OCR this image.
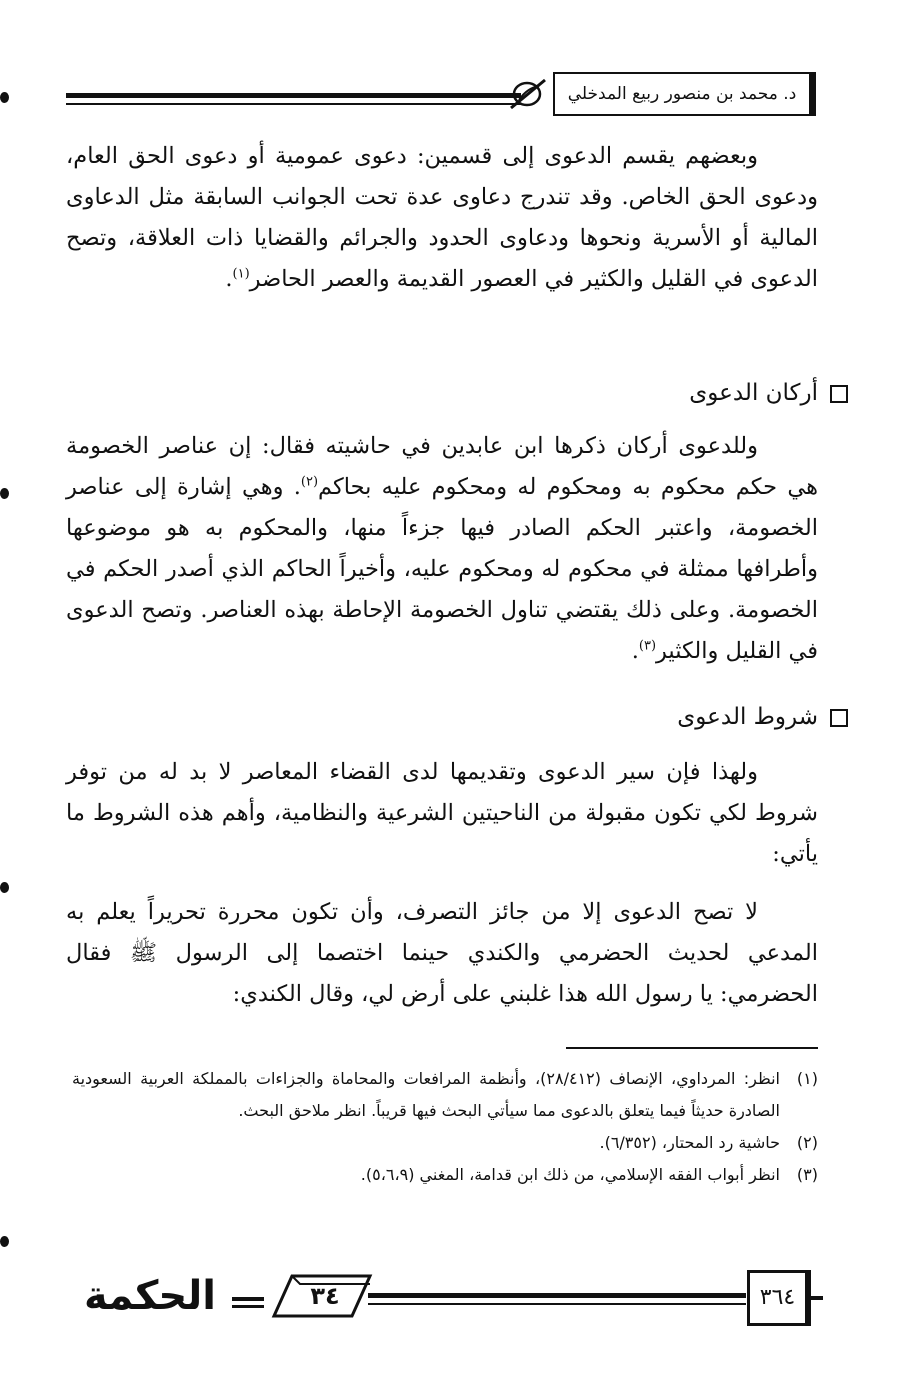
د. محمد بن منصور ربيع المدخلي

وبعضهم يقسم الدعوى إلى قسمين: دعوى عمومية أو دعوى الحق العام، ودعوى الحق الخاص. وقد تندرج دعاوى عدة تحت الجوانب السابقة مثل الدعاوى المالية أو الأسرية ونحوها ودعاوى الحدود والجرائم والقضايا ذات العلاقة، وتصح الدعوى في القليل والكثير في العصور القديمة والعصر الحاضر$^{(١)}$.

أركان الدعوى

وللدعوى أركان ذكرها ابن عابدين في حاشيته فقال: إن عناصر الخصومة هي حكم محكوم به ومحكوم له ومحكوم عليه بحاكم$^{(٢)}$. وهي إشارة إلى عناصر الخصومة، واعتبر الحكم الصادر فيها جزءاً منها، والمحكوم به هو موضوعها وأطرافها ممثلة في محكوم له ومحكوم عليه، وأخيراً الحاكم الذي أصدر الحكم في الخصومة. وعلى ذلك يقتضي تناول الخصومة الإحاطة بهذه العناصر. وتصح الدعوى في القليل والكثير$^{(٣)}$.

شروط الدعوى

ولهذا فإن سير الدعوى وتقديمها لدى القضاء المعاصر لا بد له من توفر شروط لكي تكون مقبولة من الناحيتين الشرعية والنظامية، وأهم هذه الشروط ما يأتي:

لا تصح الدعوى إلا من جائز التصرف، وأن تكون محررة تحريراً يعلم به المدعي لحديث الحضرمي والكندي حينما اختصما إلى الرسول ﷺ فقال الحضرمي: يا رسول الله هذا غلبني على أرض لي، وقال الكندي:

(١)
انظر: المرداوي، الإنصاف (٢٨/٤١٢)، وأنظمة المرافعات والمحاماة والجزاءات بالمملكة العربية السعودية الصادرة حديثاً فيما يتعلق بالدعوى مما سيأتي البحث فيها قريباً. انظر ملاحق البحث.
(٢)
حاشية رد المحتار، (٦/٣٥٢).
(٣)
انظر أبواب الفقه الإسلامي، من ذلك ابن قدامة، المغني (٥،٦،٩).
الحكمة	٣٤	٣٦٤
